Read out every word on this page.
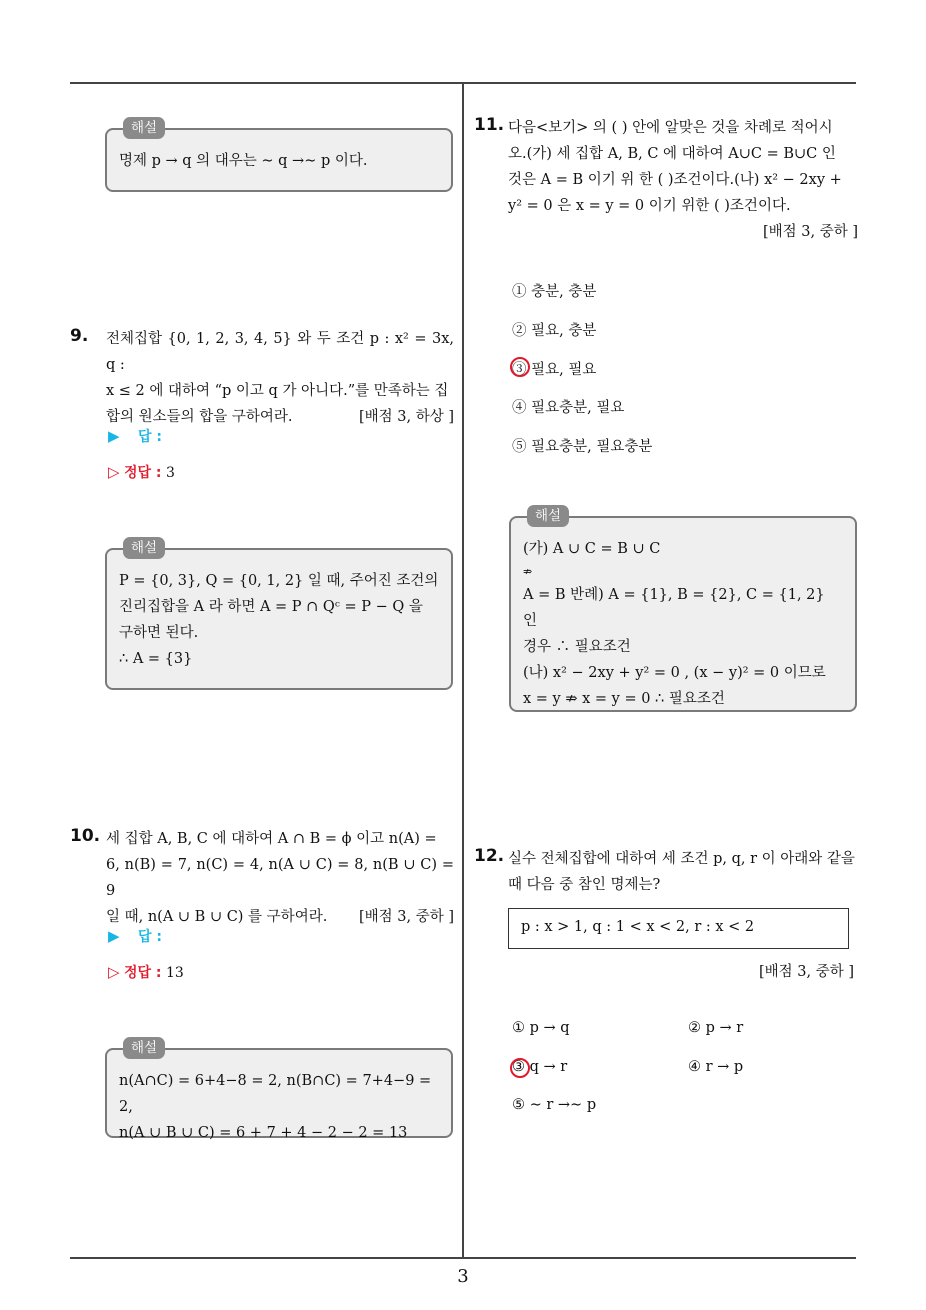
해설
명제 p → q 의 대우는 ∼ q →∼ p 이다.
9. 전체집합 {0, 1, 2, 3, 4, 5} 와 두 조건 p : x² = 3x, q :
x ≤ 2 에 대하여 “p 이고 q 가 아니다.”를 만족하는 집
합의 원소들의 합을 구하여라.	[배점 3, 하상 ]
▶ 답 :
▷ 정답 : 3
해설
P = {0, 3}, Q = {0, 1, 2} 일 때, 주어진 조건의
진리집합을 A 라 하면 A = P ∩ Qᶜ = P − Q 을
구하면 된다.
∴ A = {3}
10. 세 집합 A, B, C 에 대하여 A ∩ B = ϕ 이고 n(A) =
6, n(B) = 7, n(C) = 4, n(A ∪ C) = 8, n(B ∪ C) = 9
일 때, n(A ∪ B ∪ C) 를 구하여라. [배점 3, 중하 ]
▶ 답 :
▷ 정답 : 13
해설
n(A∩C) = 6+4−8 = 2, n(B∩C) = 7+4−9 = 2,
n(A ∪ B ∪ C) = 6 + 7 + 4 − 2 − 2 = 13
11. 다음<보기> 의 ( ) 안에 알맞은 것을 차례로 적어시
오.(가) 세 집합 A, B, C 에 대하여 A∪C = B∪C 인
것은 A = B 이기 위 한 ( )조건이다.(나) x² − 2xy +
y² = 0 은 x = y = 0 이기 위한 ( )조건이다.
[배점 3, 중하 ]
① 충분, 충분
② 필요, 충분
③ 필요, 필요
④ 필요충분, 필요
⑤ 필요충분, 필요충분
해설
(가) A ∪ C = B ∪ C
⇏
A = B 반례) A = {1}, B = {2}, C = {1, 2} 인
경우 ∴ 필요조건
(나) x² − 2xy + y² = 0 , (x − y)² = 0 이므로
x = y ⇏ x = y = 0 ∴ 필요조건
12. 실수 전체집합에 대하여 세 조건 p, q, r 이 아래와 같을
때 다음 중 참인 명제는?
p : x > 1, q : 1 < x < 2, r : x < 2
[배점 3, 중하 ]
① p → q	② p → r
③ q → r	④ r → p
⑤ ∼ r →∼ p
3
